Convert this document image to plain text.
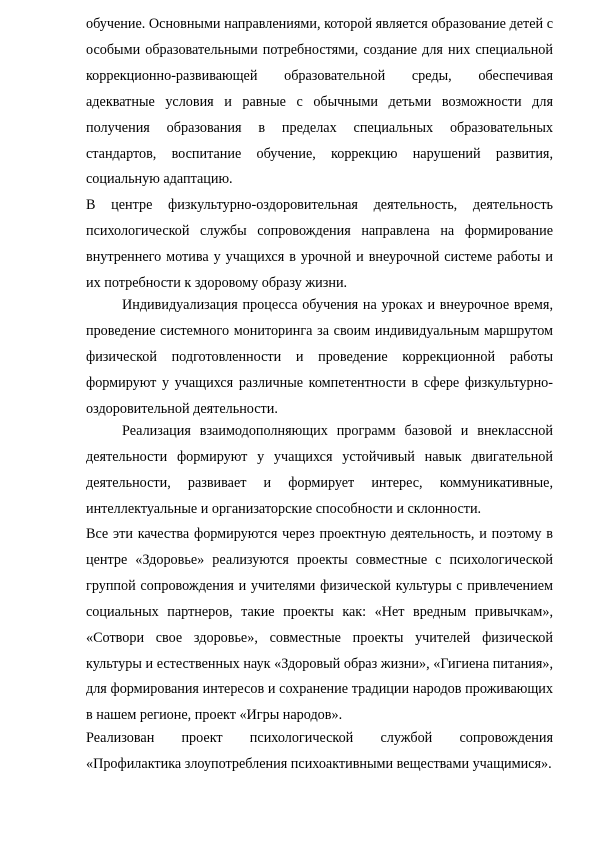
обучение. Основными направлениями, которой является образование детей с особыми образовательными потребностями, создание для них специальной коррекционно-развивающей образовательной среды, обеспечивая адекватные условия и равные с обычными детьми возможности для получения образования в пределах специальных образовательных стандартов, воспитание обучение, коррекцию нарушений развития, социальную адаптацию.

В центре физкультурно-оздоровительная деятельность, деятельность психологической службы сопровождения направлена на формирование внутреннего мотива у учащихся в урочной и внеурочной системе работы и их потребности к здоровому образу жизни.

Индивидуализация процесса обучения на уроках и внеурочное время, проведение системного мониторинга за своим индивидуальным маршрутом физической подготовленности и проведение коррекционной работы формируют у учащихся различные компетентности в сфере физкультурно-оздоровительной деятельности.

Реализация взаимодополняющих программ базовой и внеклассной деятельности формируют у учащихся устойчивый навык двигательной деятельности, развивает и формирует интерес, коммуникативные, интеллектуальные и организаторские способности и склонности.

Все эти качества формируются через проектную деятельность, и поэтому в центре «Здоровье» реализуются проекты совместные с психологической группой сопровождения и учителями физической культуры с привлечением социальных партнеров, такие проекты как: «Нет вредным привычкам», «Сотвори свое здоровье», совместные проекты учителей физической культуры и естественных наук «Здоровый образ жизни», «Гигиена питания», для формирования интересов и сохранение традиции народов проживающих в нашем регионе, проект «Игры народов».

Реализован проект психологической службой сопровождения «Профилактика злоупотребления психоактивными веществами учащимися».
